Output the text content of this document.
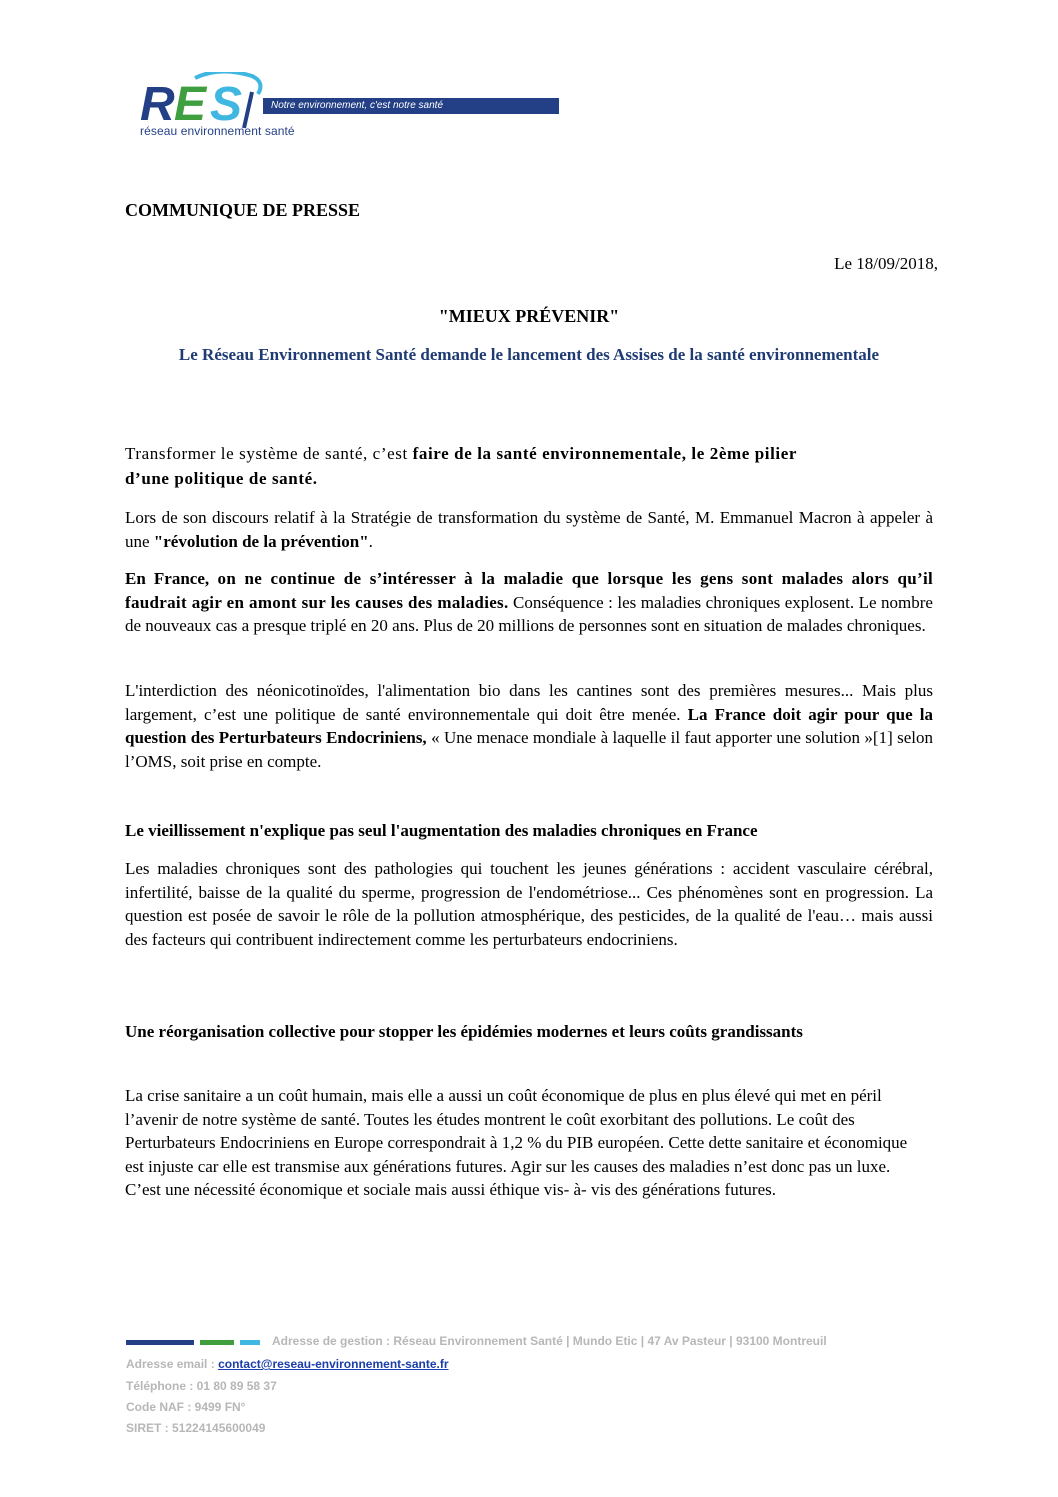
R E S	Notre environnement, c'est notre santé
réseau environnement santé
COMMUNIQUE DE PRESSE
Le 18/09/2018,
"MIEUX PRÉVENIR"
Le Réseau Environnement Santé demande le lancement des Assises de la santé environnementale
Transformer le système de santé, c’est faire de la santé environnementale, le 2ème pilier
d’une politique de santé.
Lors de son discours relatif à la Stratégie de transformation du système de Santé, M. Emmanuel Macron à appeler à une "révolution de la prévention".
En France, on ne continue de s’intéresser à la maladie que lorsque les gens sont malades alors qu’il faudrait agir en amont sur les causes des maladies. Conséquence : les maladies chroniques explosent. Le nombre de nouveaux cas a presque triplé en 20 ans. Plus de 20 millions de personnes sont en situation de malades chroniques.
L'interdiction des néonicotinoïdes, l'alimentation bio dans les cantines sont des premières mesures... Mais plus largement, c’est une politique de santé environnementale qui doit être menée. La France doit agir pour que la question des Perturbateurs Endocriniens, « Une menace mondiale à laquelle il faut apporter une solution »[1] selon l’OMS, soit prise en compte.
Le vieillissement n'explique pas seul l'augmentation des maladies chroniques en France
Les maladies chroniques sont des pathologies qui touchent les jeunes générations : accident vasculaire cérébral, infertilité, baisse de la qualité du sperme, progression de l'endométriose... Ces phénomènes sont en progression. La question est posée de savoir le rôle de la pollution atmosphérique, des pesticides, de la qualité de l'eau… mais aussi des facteurs qui contribuent indirectement comme les perturbateurs endocriniens.
Une réorganisation collective pour stopper les épidémies modernes et leurs coûts grandissants
La crise sanitaire a un coût humain, mais elle a aussi un coût économique de plus en plus élevé qui met en péril l’avenir de notre système de santé. Toutes les études montrent le coût exorbitant des pollutions. Le coût des Perturbateurs Endocriniens en Europe correspondrait à 1,2 % du PIB européen. Cette dette sanitaire et économique est injuste car elle est transmise aux générations futures. Agir sur les causes des maladies n’est donc pas un luxe. C’est une nécessité économique et sociale mais aussi éthique vis- à- vis des générations futures.
Adresse de gestion : Réseau Environnement Santé | Mundo Etic | 47 Av Pasteur | 93100 Montreuil
Adresse email : contact@reseau-environnement-sante.fr
Téléphone : 01 80 89 58 37
Code NAF : 9499 FN°
SIRET : 51224145600049
